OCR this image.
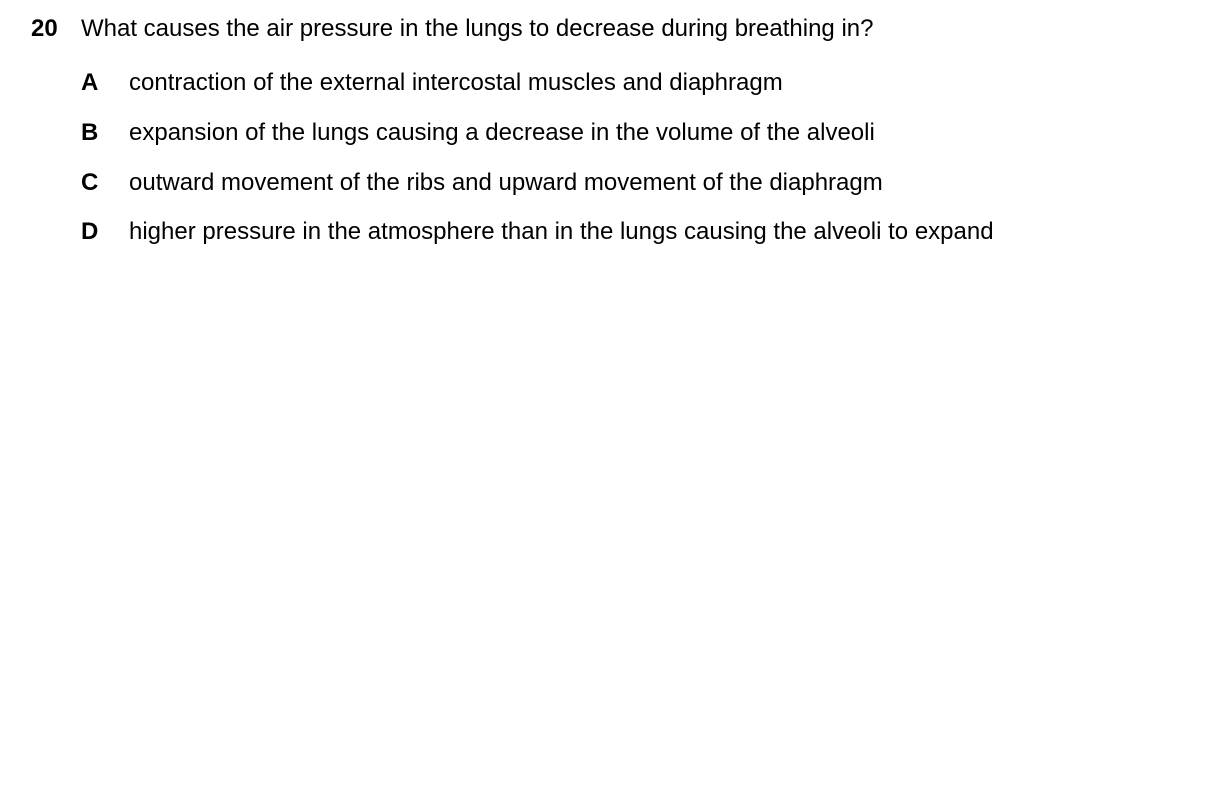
20 What causes the air pressure in the lungs to decrease during breathing in?
A contraction of the external intercostal muscles and diaphragm
B expansion of the lungs causing a decrease in the volume of the alveoli
C outward movement of the ribs and upward movement of the diaphragm
D higher pressure in the atmosphere than in the lungs causing the alveoli to expand
